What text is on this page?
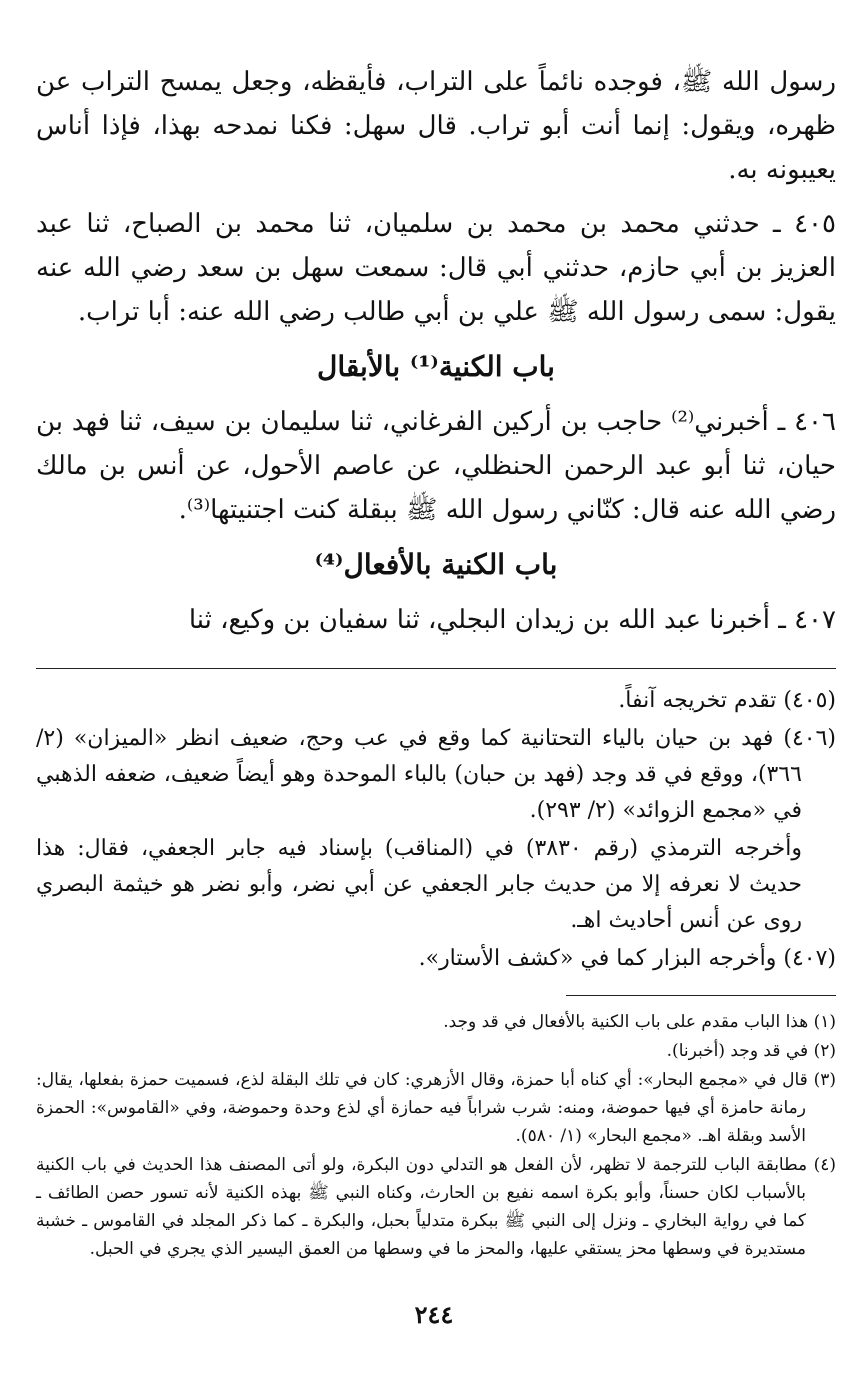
رسول الله ﷺ، فوجده نائماً على التراب، فأيقظه، وجعل يمسح التراب عن ظهره، ويقول: إنما أنت أبو تراب. قال سهل: فكنا نمدحه بهذا، فإذا أناس يعيبونه به.

٤٠٥ ـ حدثني محمد بن محمد بن سلميان، ثنا محمد بن الصباح، ثنا عبد العزيز بن أبي حازم، حدثني أبي قال: سمعت سهل بن سعد رضي الله عنه يقول: سمى رسول الله ﷺ علي بن أبي طالب رضي الله عنه: أبا تراب.

باب الكنية⁽¹⁾ بالأبقال

٤٠٦ ـ أخبرني⁽²⁾ حاجب بن أركين الفرغاني، ثنا سليمان بن سيف، ثنا فهد بن حيان، ثنا أبو عبد الرحمن الحنظلي، عن عاصم الأحول، عن أنس بن مالك رضي الله عنه قال: كنّاني رسول الله ﷺ ببقلة كنت اجتنيتها⁽³⁾.

باب الكنية بالأفعال⁽⁴⁾

٤٠٧ ـ أخبرنا عبد الله بن زيدان البجلي، ثنا سفيان بن وكيع، ثنا

(٤٠٥) تقدم تخريجه آنفاً.

(٤٠٦) فهد بن حيان بالياء التحتانية كما وقع في عب وحج، ضعيف انظر «الميزان» (٢/ ٣٦٦)، ووقع في قد وجد (فهد بن حبان) بالباء الموحدة وهو أيضاً ضعيف، ضعفه الذهبي في «مجمع الزوائد» (٢/ ٢٩٣).

وأخرجه الترمذي (رقم ٣٨٣٠) في (المناقب) بإسناد فيه جابر الجعفي، فقال: هذا حديث لا نعرفه إلا من حديث جابر الجعفي عن أبي نضر، وأبو نضر هو خيثمة البصري روى عن أنس أحاديث اهـ.

(٤٠٧) وأخرجه البزار كما في «كشف الأستار».

(١) هذا الباب مقدم على باب الكنية بالأفعال في قد وجد.

(٢) في قد وجد (أخبرنا).

(٣) قال في «مجمع البحار»: أي كناه أبا حمزة، وقال الأزهري: كان في تلك البقلة لذع، فسميت حمزة بفعلها، يقال: رمانة حامزة أي فيها حموضة، ومنه: شرب شراباً فيه حمازة أي لذع وحدة وحموضة، وفي «القاموس»: الحمزة الأسد وبقلة اهـ. «مجمع البحار» (١/ ٥٨٠).

(٤) مطابقة الباب للترجمة لا تظهر، لأن الفعل هو التدلي دون البكرة، ولو أتى المصنف هذا الحديث في باب الكنية بالأسباب لكان حسناً، وأبو بكرة اسمه نفيع بن الحارث، وكناه النبي ﷺ بهذه الكنية لأنه تسور حصن الطائف ـ كما في رواية البخاري ـ ونزل إلى النبي ﷺ ببكرة متدلياً بحبل، والبكرة ـ كما ذكر المجلد في القاموس ـ خشبة مستديرة في وسطها محز يستقي عليها، والمحز ما في وسطها من العمق اليسير الذي يجري في الحبل.

٢٤٤
